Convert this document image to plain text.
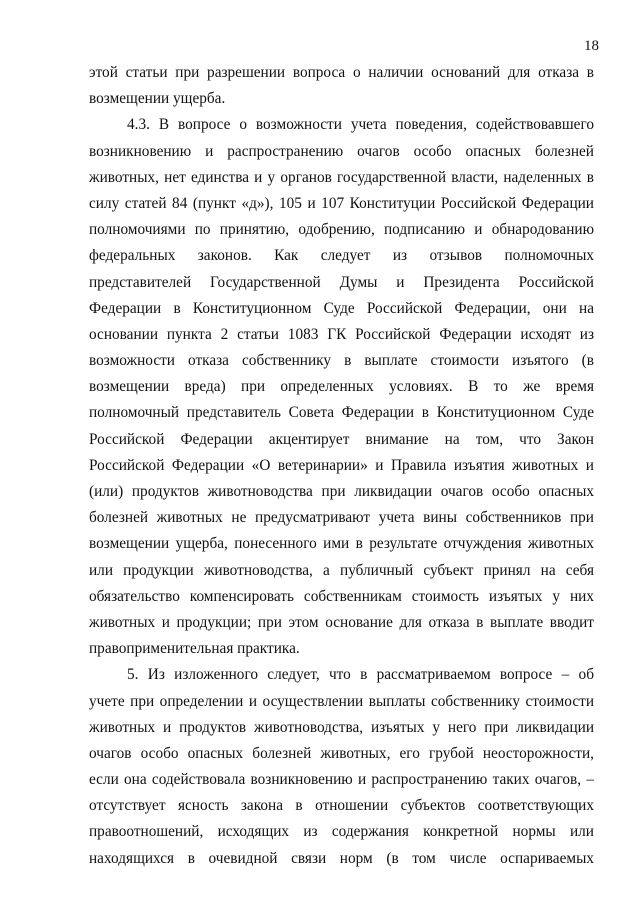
18
этой статьи при разрешении вопроса о наличии оснований для отказа в
возмещении ущерба.
4.3. В вопросе о возможности учета поведения, содействовавшего
возникновению и распространению очагов особо опасных болезней
животных, нет единства и у органов государственной власти, наделенных в
силу статей 84 (пункт «д»), 105 и 107 Конституции Российской Федерации
полномочиями по принятию, одобрению, подписанию и обнародованию
федеральных законов. Как следует из отзывов полномочных
представителей Государственной Думы и Президента Российской
Федерации в Конституционном Суде Российской Федерации, они на
основании пункта 2 статьи 1083 ГК Российской Федерации исходят из
возможности отказа собственнику в выплате стоимости изъятого (в
возмещении вреда) при определенных условиях. В то же время
полномочный представитель Совета Федерации в Конституционном Суде
Российской Федерации акцентирует внимание на том, что Закон
Российской Федерации «О ветеринарии» и Правила изъятия животных и
(или) продуктов животноводства при ликвидации очагов особо опасных
болезней животных не предусматривают учета вины собственников при
возмещении ущерба, понесенного ими в результате отчуждения животных
или продукции животноводства, а публичный субъект принял на себя
обязательство компенсировать собственникам стоимость изъятых у них
животных и продукции; при этом основание для отказа в выплате вводит
правоприменительная практика.
5. Из изложенного следует, что в рассматриваемом вопросе – об
учете при определении и осуществлении выплаты собственнику стоимости
животных и продуктов животноводства, изъятых у него при ликвидации
очагов особо опасных болезней животных, его грубой неосторожности,
если она содействовала возникновению и распространению таких очагов, –
отсутствует ясность закона в отношении субъектов соответствующих
правоотношений, исходящих из содержания конкретной нормы или
находящихся в очевидной связи норм (в том числе оспариваемых
